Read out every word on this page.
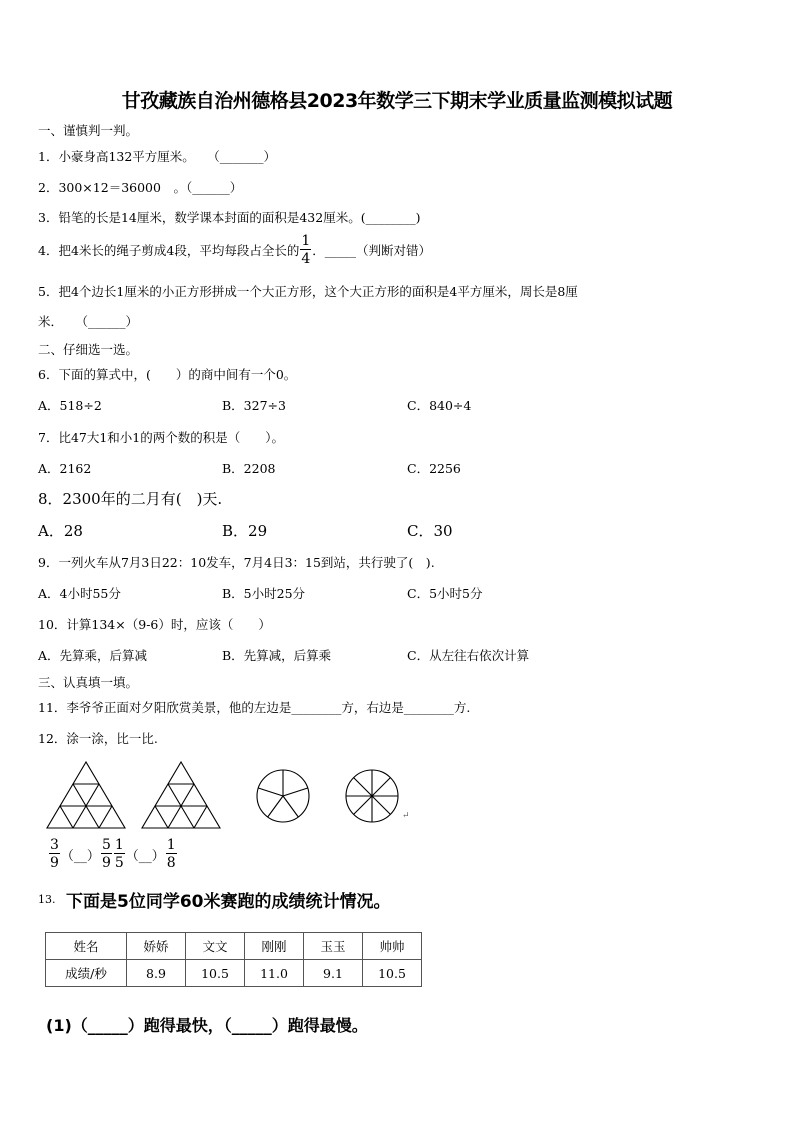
甘孜藏族自治州德格县2023年数学三下期末学业质量监测模拟试题
一、谨慎判一判。
1．小豪身高132平方厘米。　　（_______）
2．300×12＝36000　。（______）
3．铅笔的长是14厘米，数学课本封面的面积是432厘米。(________)
4．把4米长的绳子剪成4段，平均每段占全长的 $\frac{1}{4}$ ．_____（判断对错）
5．把4个边长1厘米的小正方形拼成一个大正方形，这个大正方形的面积是4平方厘米，周长是8厘
米．　　（______）
二、仔细选一选。
6．下面的算式中，(　　）的商中间有一个0。
A．518÷2	B．327÷3	C．840÷4
7．比47大1和小1的两个数的积是（　　）。
A．2162	B．2208	C．2256
8．2300年的二月有(　)天.
A．28	B．29	C．30
9．一列火车从7月3日22：10发车，7月4日3：15到站，共行驶了(　).
A．4小时55分	B．5小时25分	C．5小时5分
10．计算134×（9-6）时，应该（　　）
A．先算乘，后算减	B．先算减，后算乘	C．从左往右依次计算
三、认真填一填。
11．李爷爷正面对夕阳欣赏美景，他的左边是________方，右边是________方.
12．涂一涂，比一比.
↵
$\frac{3}{9}$ （__） $\frac{5}{9} \frac{1}{5}$ （__） $\frac{1}{8}$
13. 下面是5位同学60米赛跑的成绩统计情况。
姓名	娇娇	文文	刚刚	玉玉	帅帅
成绩/秒	8.9	10.5	11.0	9.1	10.5
(1)（_____）跑得最快，（_____）跑得最慢。
